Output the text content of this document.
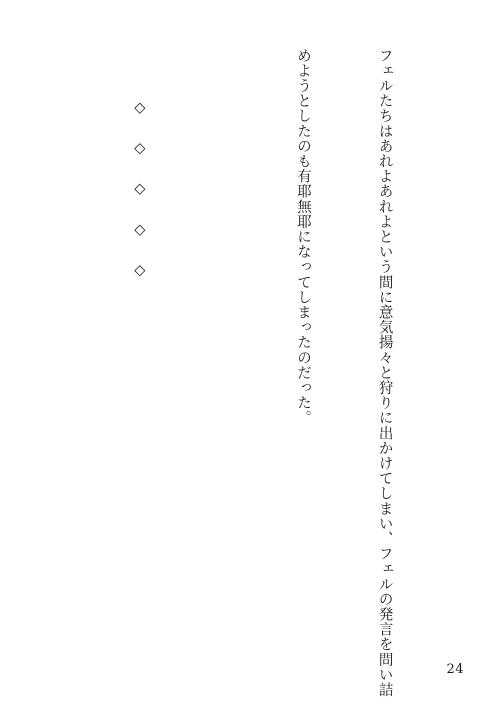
フェルたちはあれよあれよという間に意気揚々と狩りに出かけてしまい、フェルの発言を問い詰

めようとしたのも有耶無耶になってしまったのだった。

◇ ◇ ◇ ◇ ◇

24
